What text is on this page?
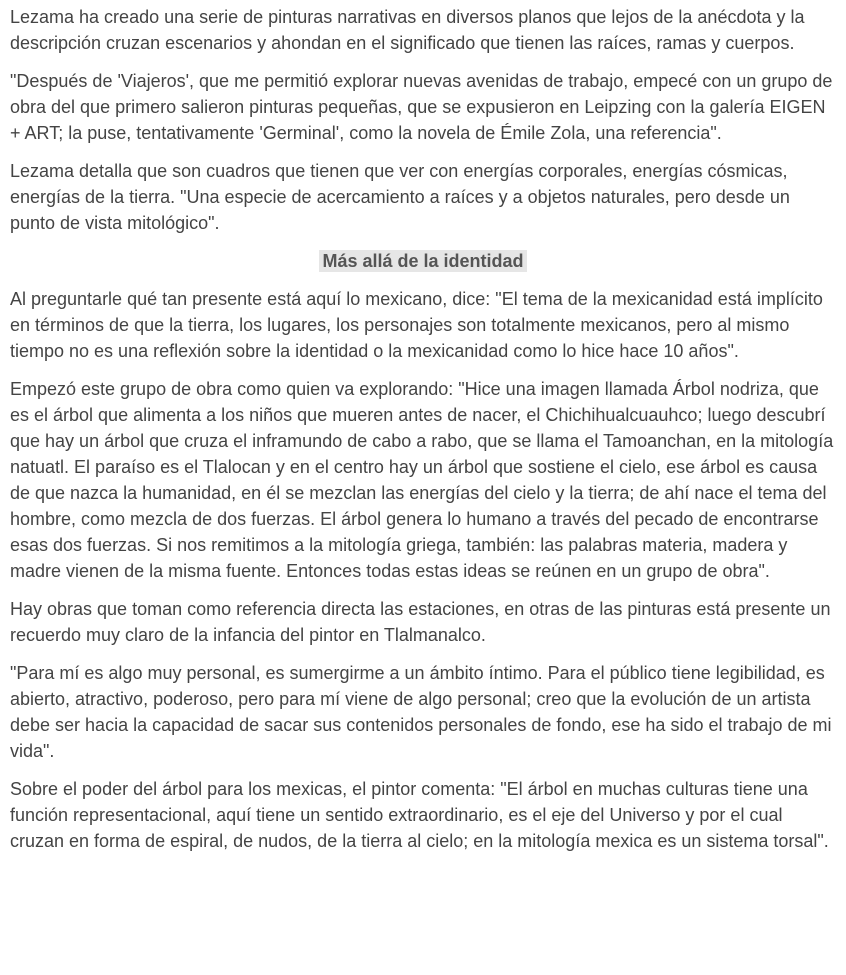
Lezama ha creado una serie de pinturas narrativas en diversos planos que lejos de la anécdota y la descripción cruzan escenarios y ahondan en el significado que tienen las raíces, ramas y cuerpos.

"Después de 'Viajeros', que me permitió explorar nuevas avenidas de trabajo, empecé con un grupo de obra del que primero salieron pinturas pequeñas, que se expusieron en Leipzing con la galería EIGEN + ART; la puse, tentativamente 'Germinal', como la novela de Émile Zola, una referencia".

Lezama detalla que son cuadros que tienen que ver con energías corporales, energías cósmicas, energías de la tierra. "Una especie de acercamiento a raíces y a objetos naturales, pero desde un punto de vista mitológico".

Más allá de la identidad

Al preguntarle qué tan presente está aquí lo mexicano, dice: "El tema de la mexicanidad está implícito en términos de que la tierra, los lugares, los personajes son totalmente mexicanos, pero al mismo tiempo no es una reflexión sobre la identidad o la mexicanidad como lo hice hace 10 años".

Empezó este grupo de obra como quien va explorando: "Hice una imagen llamada Árbol nodriza, que es el árbol que alimenta a los niños que mueren antes de nacer, el Chichihualcuauhco; luego descubrí que hay un árbol que cruza el inframundo de cabo a rabo, que se llama el Tamoanchan, en la mitología natuatl. El paraíso es el Tlalocan y en el centro hay un árbol que sostiene el cielo, ese árbol es causa de que nazca la humanidad, en él se mezclan las energías del cielo y la tierra; de ahí nace el tema del hombre, como mezcla de dos fuerzas. El árbol genera lo humano a través del pecado de encontrarse esas dos fuerzas. Si nos remitimos a la mitología griega, también: las palabras materia, madera y madre vienen de la misma fuente. Entonces todas estas ideas se reúnen en un grupo de obra".

Hay obras que toman como referencia directa las estaciones, en otras de las pinturas está presente un recuerdo muy claro de la infancia del pintor en Tlalmanalco.

"Para mí es algo muy personal, es sumergirme a un ámbito íntimo. Para el público tiene legibilidad, es abierto, atractivo, poderoso, pero para mí viene de algo personal; creo que la evolución de un artista debe ser hacia la capacidad de sacar sus contenidos personales de fondo, ese ha sido el trabajo de mi vida".

Sobre el poder del árbol para los mexicas, el pintor comenta: "El árbol en muchas culturas tiene una función representacional, aquí tiene un sentido extraordinario, es el eje del Universo y por el cual cruzan en forma de espiral, de nudos, de la tierra al cielo; en la mitología mexica es un sistema torsal".
